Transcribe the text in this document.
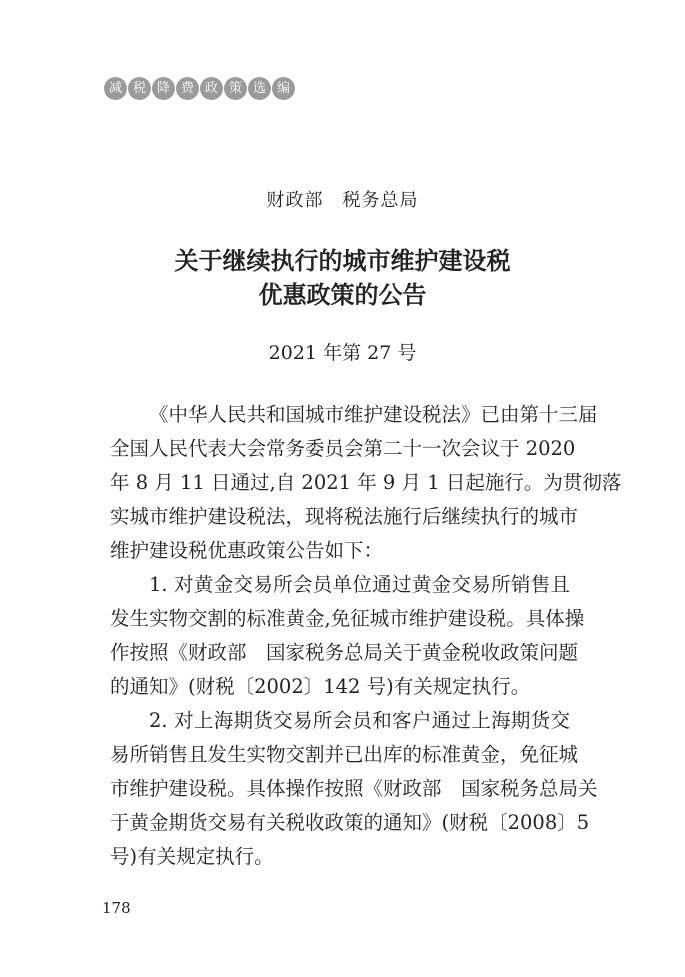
减 税 降 费 政 策 选 编
财政部　税务总局
关于继续执行的城市维护建设税
优惠政策的公告
2021 年第 27 号
《中华人民共和国城市维护建设税法》已由第十三届
全国人民代表大会常务委员会第二十一次会议于 2020
年 8 月 11 日通过,自 2021 年 9 月 1 日起施行。为贯彻落
实城市维护建设税法，现将税法施行后继续执行的城市
维护建设税优惠政策公告如下：
1. 对黄金交易所会员单位通过黄金交易所销售且
发生实物交割的标准黄金,免征城市维护建设税。具体操
作按照《财政部　国家税务总局关于黄金税收政策问题
的通知》(财税〔2002〕142 号)有关规定执行。
2. 对上海期货交易所会员和客户通过上海期货交
易所销售且发生实物交割并已出库的标准黄金，免征城
市维护建设税。具体操作按照《财政部　国家税务总局关
于黄金期货交易有关税收政策的通知》(财税〔2008〕5
号)有关规定执行。
178
